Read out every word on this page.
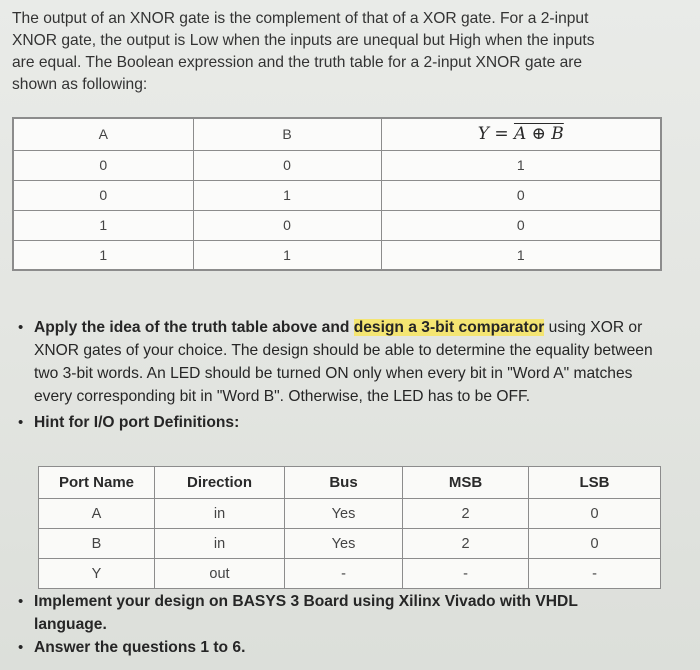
The output of an XNOR gate is the complement of that of a XOR gate. For a 2-input
XNOR gate, the output is Low when the inputs are unequal but High when the inputs
are equal. The Boolean expression and the truth table for a 2-input XNOR gate are
shown as following:
A	B	Y = A ⊕ B
0	0	1
0	1	0
1	0	0
1	1	1
• Apply the idea of the truth table above and design a 3-bit comparator using XOR or XNOR gates of your choice. The design should be able to determine the equality between two 3-bit words. An LED should be turned ON only when every bit in "Word A" matches every corresponding bit in "Word B". Otherwise, the LED has to be OFF.
• Hint for I/O port Definitions:
Port Name	Direction	Bus	MSB	LSB
A	in	Yes	2	0
B	in	Yes	2	0
Y	out	-	-	-
• Implement your design on BASYS 3 Board using Xilinx Vivado with VHDL
language.
• Answer the questions 1 to 6.
